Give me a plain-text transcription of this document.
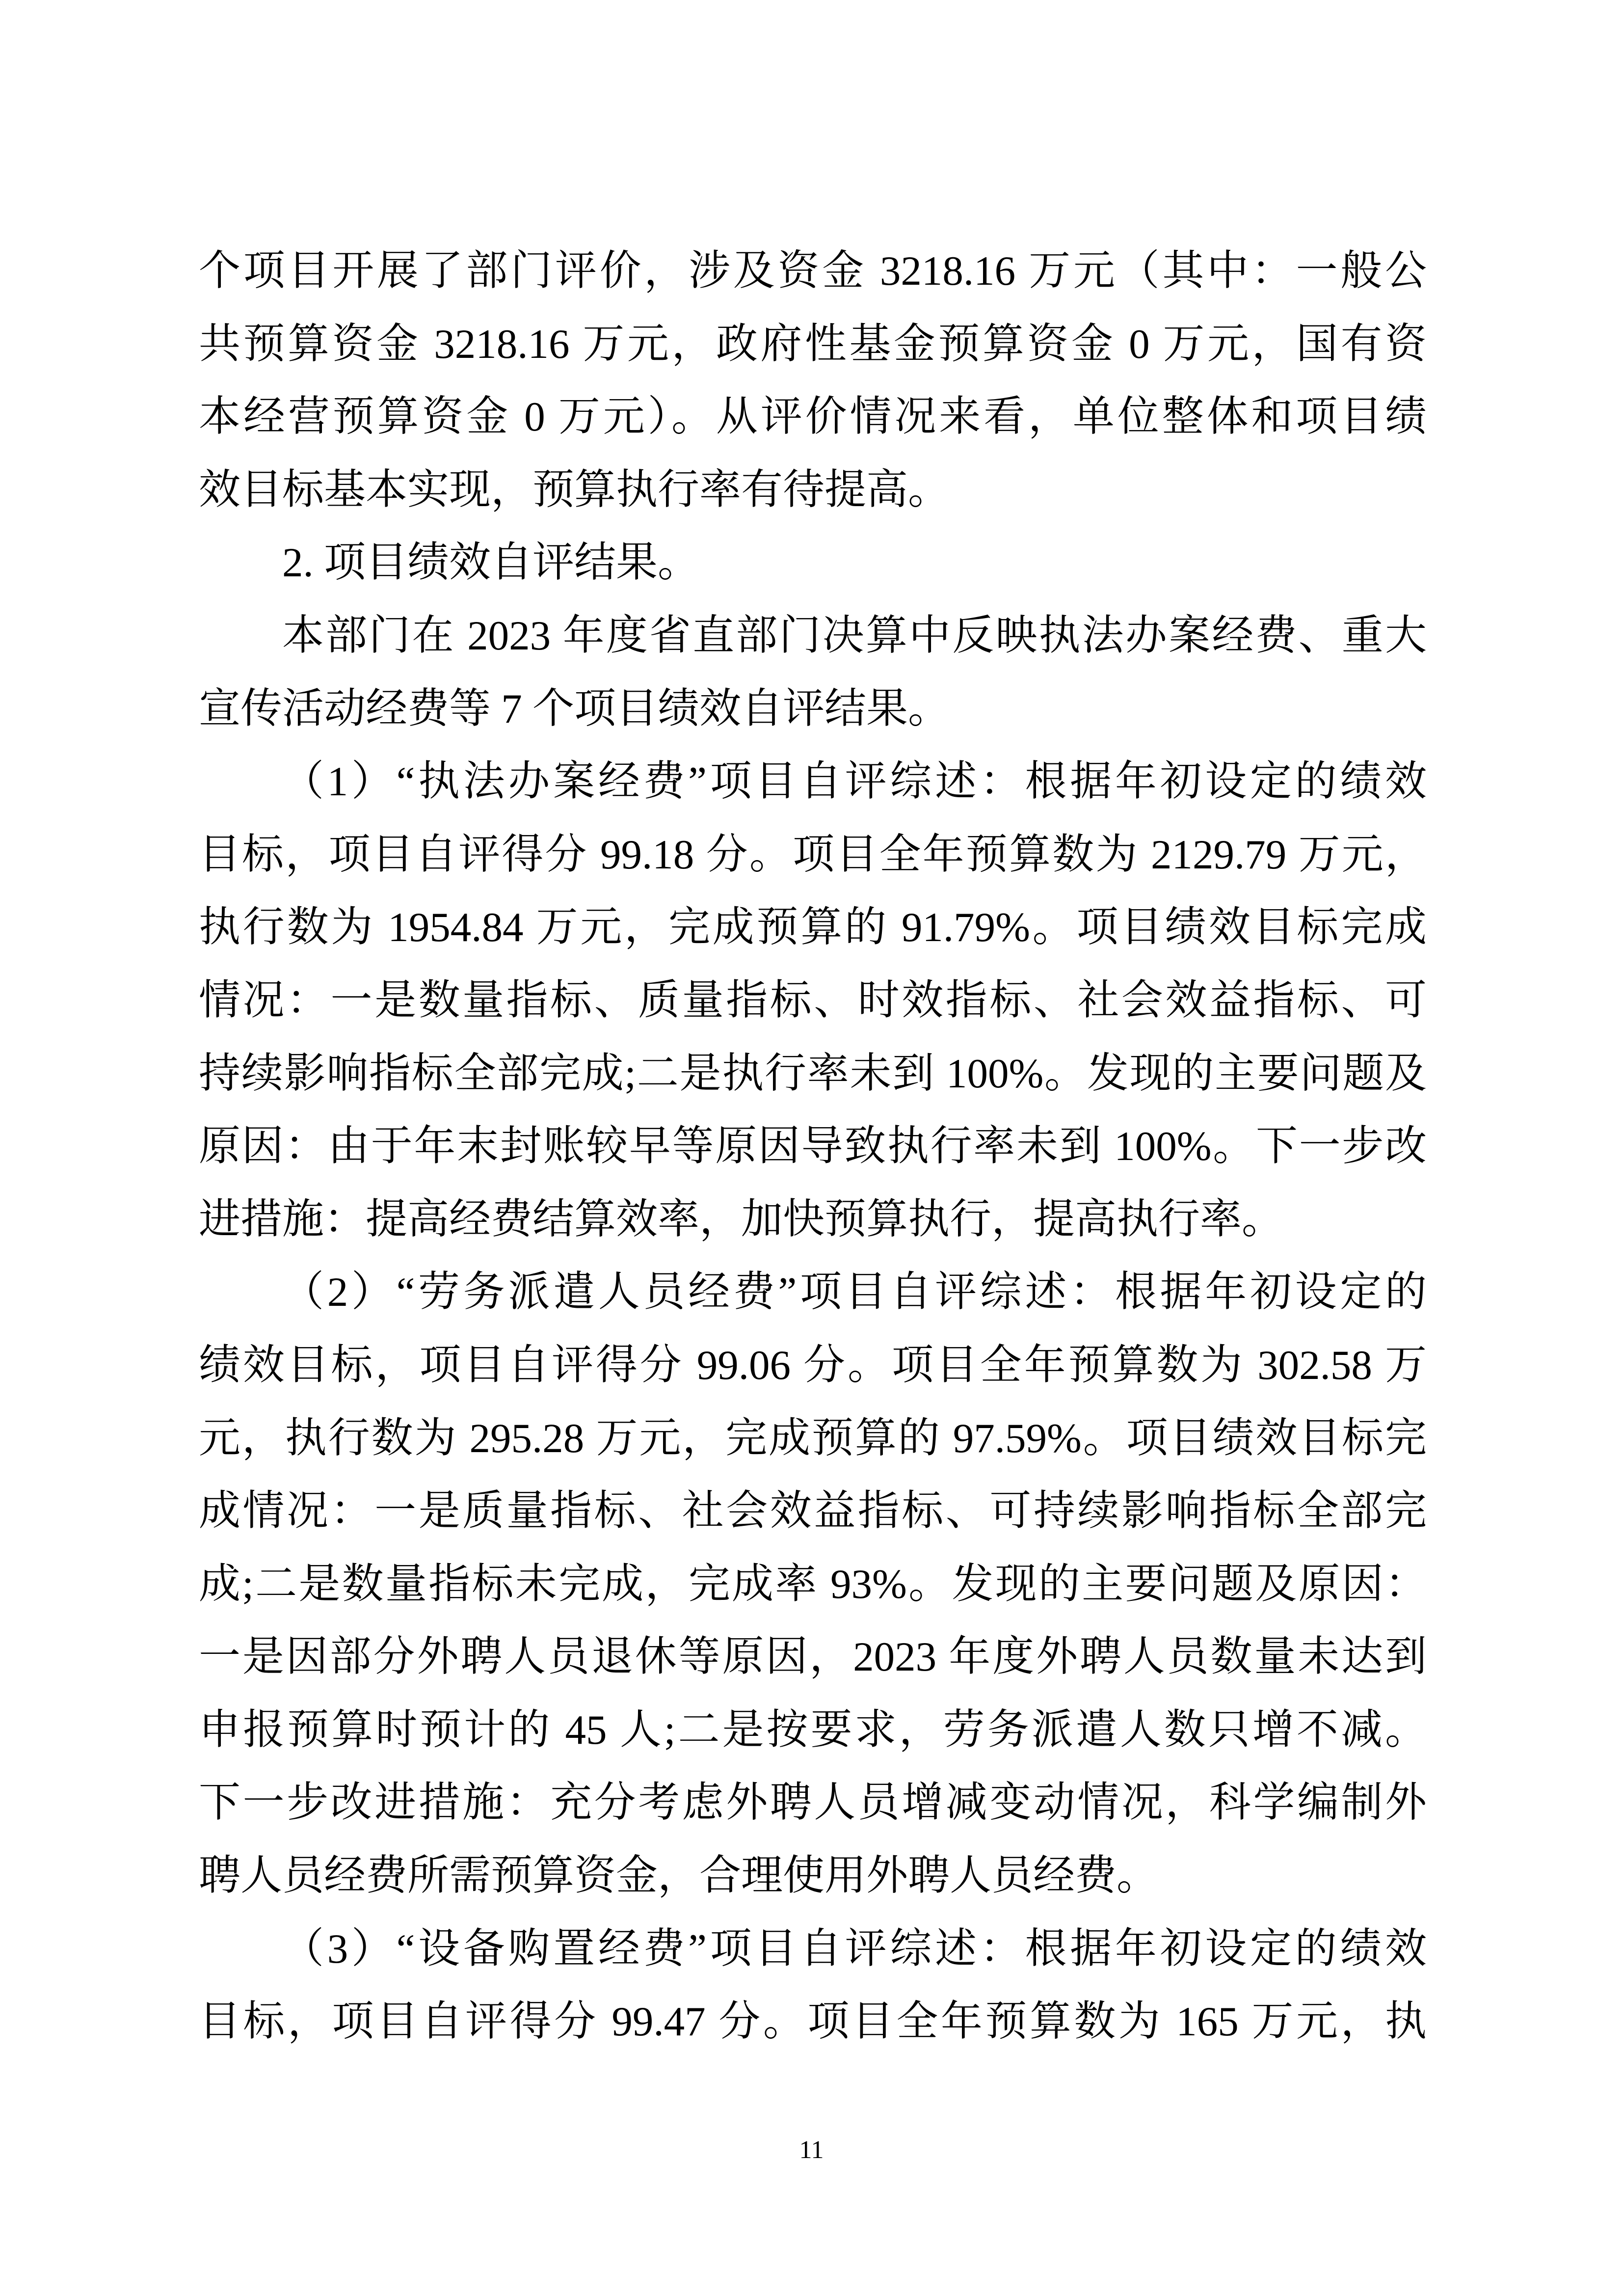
个项目开展了部门评价，涉及资金 3218.16 万元（其中：一般公
共预算资金 3218.16 万元，政府性基金预算资金 0 万元，国有资
本经营预算资金 0 万元）。从评价情况来看，单位整体和项目绩
效目标基本实现，预算执行率有待提高。
2. 项目绩效自评结果。
本部门在 2023 年度省直部门决算中反映执法办案经费、重大
宣传活动经费等 7 个项目绩效自评结果。
（1）“执法办案经费”项目自评综述：根据年初设定的绩效
目标，项目自评得分 99.18 分。项目全年预算数为 2129.79 万元，
执行数为 1954.84 万元，完成预算的 91.79%。项目绩效目标完成
情况：一是数量指标、质量指标、时效指标、社会效益指标、可
持续影响指标全部完成;二是执行率未到 100%。发现的主要问题及
原因：由于年末封账较早等原因导致执行率未到 100%。下一步改
进措施：提高经费结算效率，加快预算执行，提高执行率。
（2）“劳务派遣人员经费”项目自评综述：根据年初设定的
绩效目标，项目自评得分 99.06 分。项目全年预算数为 302.58 万
元，执行数为 295.28 万元，完成预算的 97.59%。项目绩效目标完
成情况：一是质量指标、社会效益指标、可持续影响指标全部完
成;二是数量指标未完成，完成率 93%。发现的主要问题及原因：
一是因部分外聘人员退休等原因，2023 年度外聘人员数量未达到
申报预算时预计的 45 人;二是按要求，劳务派遣人数只增不减。
下一步改进措施：充分考虑外聘人员增减变动情况，科学编制外
聘人员经费所需预算资金，合理使用外聘人员经费。
（3）“设备购置经费”项目自评综述：根据年初设定的绩效
目标，项目自评得分 99.47 分。项目全年预算数为 165 万元，执
11
